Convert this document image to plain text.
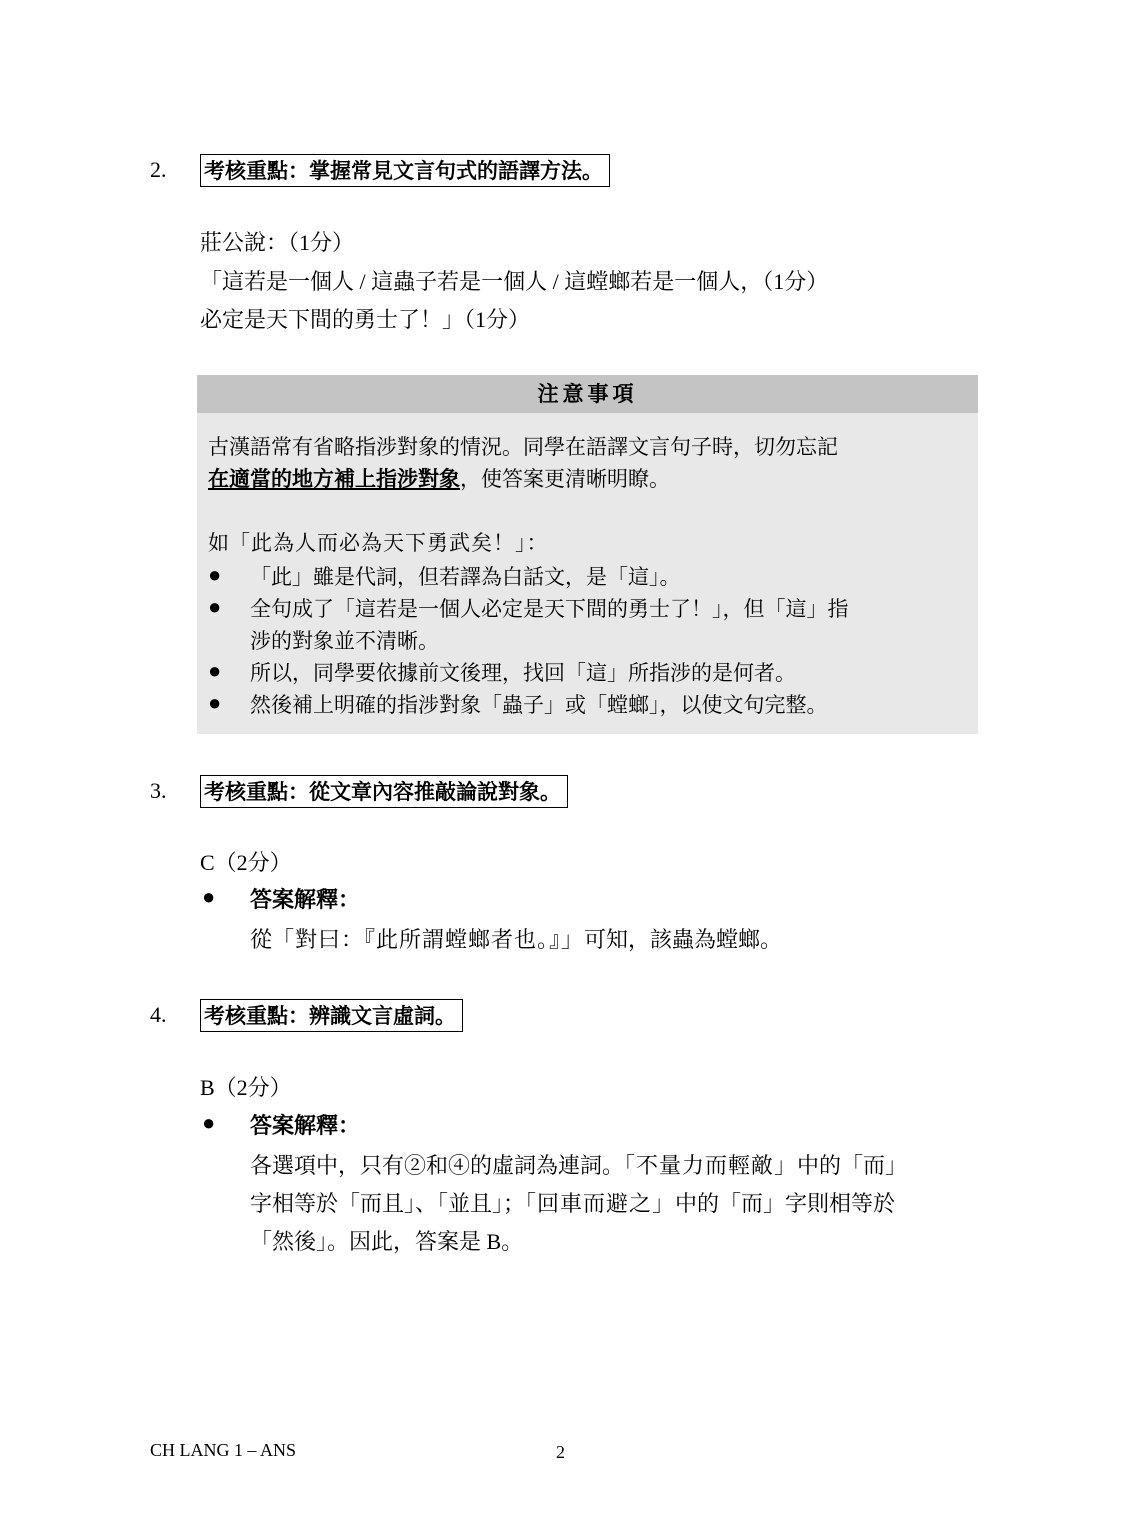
2. 考核重點：掌握常見文言句式的語譯方法。
莊公說：（1分）
「這若是一個人 / 這蟲子若是一個人 / 這螳螂若是一個人，（1分）
必定是天下間的勇士了！」（1分）
注意事項
古漢語常有省略指涉對象的情況。同學在語譯文言句子時，切勿忘記
在適當的地方補上指涉對象，使答案更清晰明瞭。
如「此為人而必為天下勇武矣！」：
● 「此」雖是代詞，但若譯為白話文，是「這」。
● 全句成了「這若是一個人必定是天下間的勇士了！」，但「這」指
涉的對象並不清晰。
● 所以，同學要依據前文後理，找回「這」所指涉的是何者。
● 然後補上明確的指涉對象「蟲子」或「螳螂」，以使文句完整。
3. 考核重點：從文章內容推敲論說對象。
C（2分）
● 答案解釋：
從「對曰：『此所謂螳螂者也。』」可知，該蟲為螳螂。
4. 考核重點：辨識文言虛詞。
B（2分）
● 答案解釋：
各選項中，只有②和④的虛詞為連詞。「不量力而輕敵」中的「而」
字相等於「而且」、「並且」；「回車而避之」中的「而」字則相等於
「然後」。因此，答案是 B。
CH LANG 1 – ANS	2
